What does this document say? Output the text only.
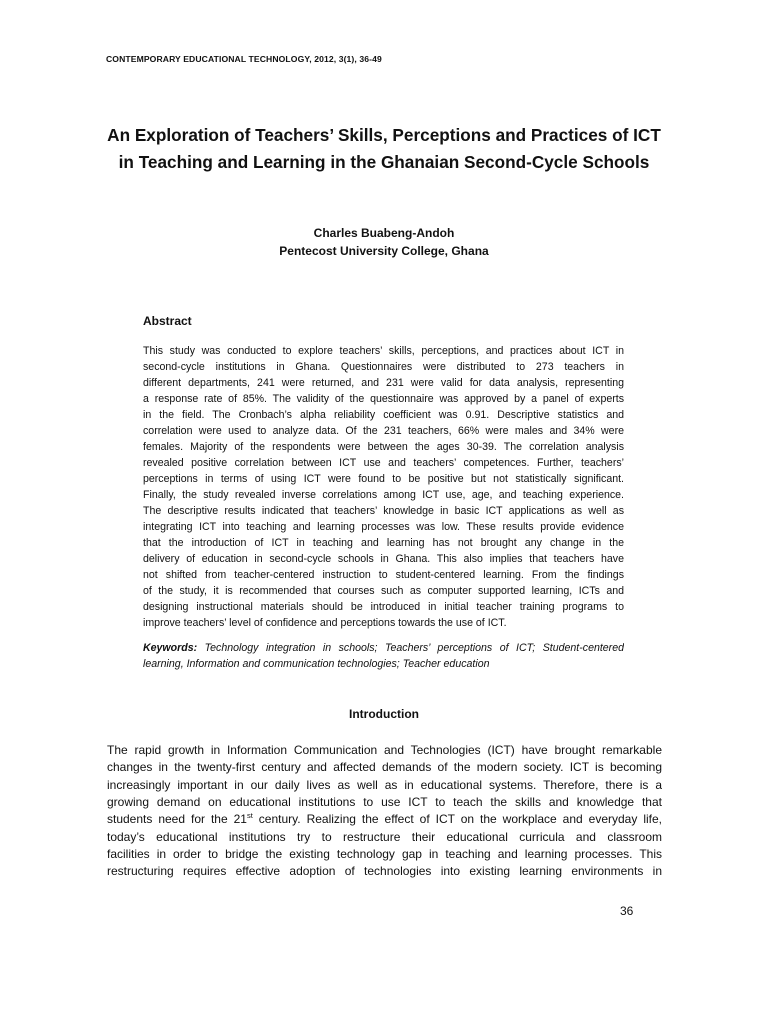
CONTEMPORARY EDUCATIONAL TECHNOLOGY, 2012, 3(1), 36-49
An Exploration of Teachers’ Skills, Perceptions and Practices of ICT
in Teaching and Learning in the Ghanaian Second-Cycle Schools
Charles Buabeng-Andoh
Pentecost University College, Ghana
Abstract
This study was conducted to explore teachers’ skills, perceptions, and practices about ICT in
second-cycle institutions in Ghana. Questionnaires were distributed to 273 teachers in
different departments, 241 were returned, and 231 were valid for data analysis, representing
a response rate of 85%. The validity of the questionnaire was approved by a panel of experts
in the field. The Cronbach’s alpha reliability coefficient was 0.91. Descriptive statistics and
correlation were used to analyze data. Of the 231 teachers, 66% were males and 34% were
females. Majority of the respondents were between the ages 30-39. The correlation analysis
revealed positive correlation between ICT use and teachers’ competences. Further, teachers’
perceptions in terms of using ICT were found to be positive but not statistically significant.
Finally, the study revealed inverse correlations among ICT use, age, and teaching experience.
The descriptive results indicated that teachers’ knowledge in basic ICT applications as well as
integrating ICT into teaching and learning processes was low. These results provide evidence
that the introduction of ICT in teaching and learning has not brought any change in the
delivery of education in second-cycle schools in Ghana. This also implies that teachers have
not shifted from teacher-centered instruction to student-centered learning. From the findings
of the study, it is recommended that courses such as computer supported learning, ICTs and
designing instructional materials should be introduced in initial teacher training programs to
improve teachers’ level of confidence and perceptions towards the use of ICT.
Keywords: Technology integration in schools; Teachers’ perceptions of ICT; Student-centered
learning, Information and communication technologies; Teacher education
Introduction
The rapid growth in Information Communication and Technologies (ICT) have brought remarkable
changes in the twenty-first century and affected demands of the modern society. ICT is becoming
increasingly important in our daily lives as well as in educational systems. Therefore, there is a
growing demand on educational institutions to use ICT to teach the skills and knowledge that
students need for the 21st century. Realizing the effect of ICT on the workplace and everyday life,
today’s educational institutions try to restructure their educational curricula and classroom
facilities in order to bridge the existing technology gap in teaching and learning processes. This
restructuring requires effective adoption of technologies into existing learning environments in
36
